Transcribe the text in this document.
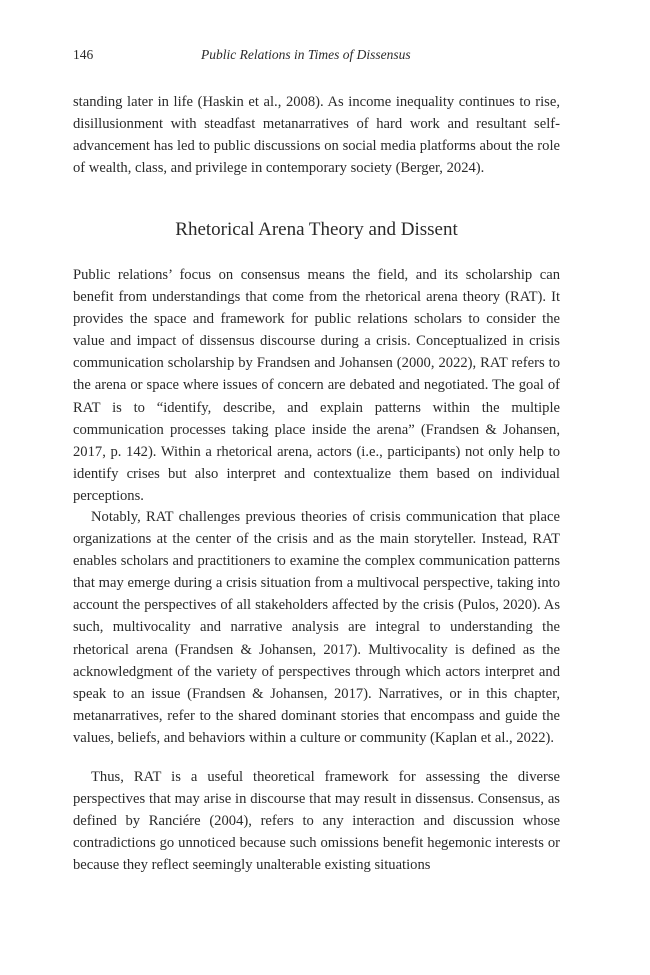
146	Public Relations in Times of Dissensus

standing later in life (Haskin et al., 2008). As income inequality continues to rise, disillusionment with steadfast metanarratives of hard work and resultant self-advancement has led to public discussions on social media platforms about the role of wealth, class, and privilege in contemporary society (Berger, 2024).

Rhetorical Arena Theory and Dissent

Public relations’ focus on consensus means the field, and its scholarship can benefit from understandings that come from the rhetorical arena theory (RAT). It provides the space and framework for public relations scholars to consider the value and impact of dissensus discourse during a crisis. Conceptualized in crisis communication scholarship by Frandsen and Johansen (2000, 2022), RAT refers to the arena or space where issues of concern are debated and negotiated. The goal of RAT is to “identify, describe, and explain patterns within the multiple communication processes taking place inside the arena” (Frandsen & Johansen, 2017, p. 142). Within a rhetorical arena, actors (i.e., participants) not only help to identify crises but also interpret and contextualize them based on individual perceptions.

Notably, RAT challenges previous theories of crisis communication that place organizations at the center of the crisis and as the main storyteller. Instead, RAT enables scholars and practitioners to examine the complex communication patterns that may emerge during a crisis situation from a multivocal perspective, taking into account the perspectives of all stakeholders affected by the crisis (Pulos, 2020). As such, multivocality and narrative analysis are integral to understanding the rhetorical arena (Frandsen & Johansen, 2017). Multivocality is defined as the acknowledgment of the variety of perspectives through which actors interpret and speak to an issue (Frandsen & Johansen, 2017). Narratives, or in this chapter, metanarratives, refer to the shared dominant stories that encompass and guide the values, beliefs, and behaviors within a culture or community (Kaplan et al., 2022).

Thus, RAT is a useful theoretical framework for assessing the diverse perspectives that may arise in discourse that may result in dissensus. Consensus, as defined by Ranciére (2004), refers to any interaction and discussion whose contradictions go unnoticed because such omissions benefit hegemonic interests or because they reflect seemingly unalterable existing situations
